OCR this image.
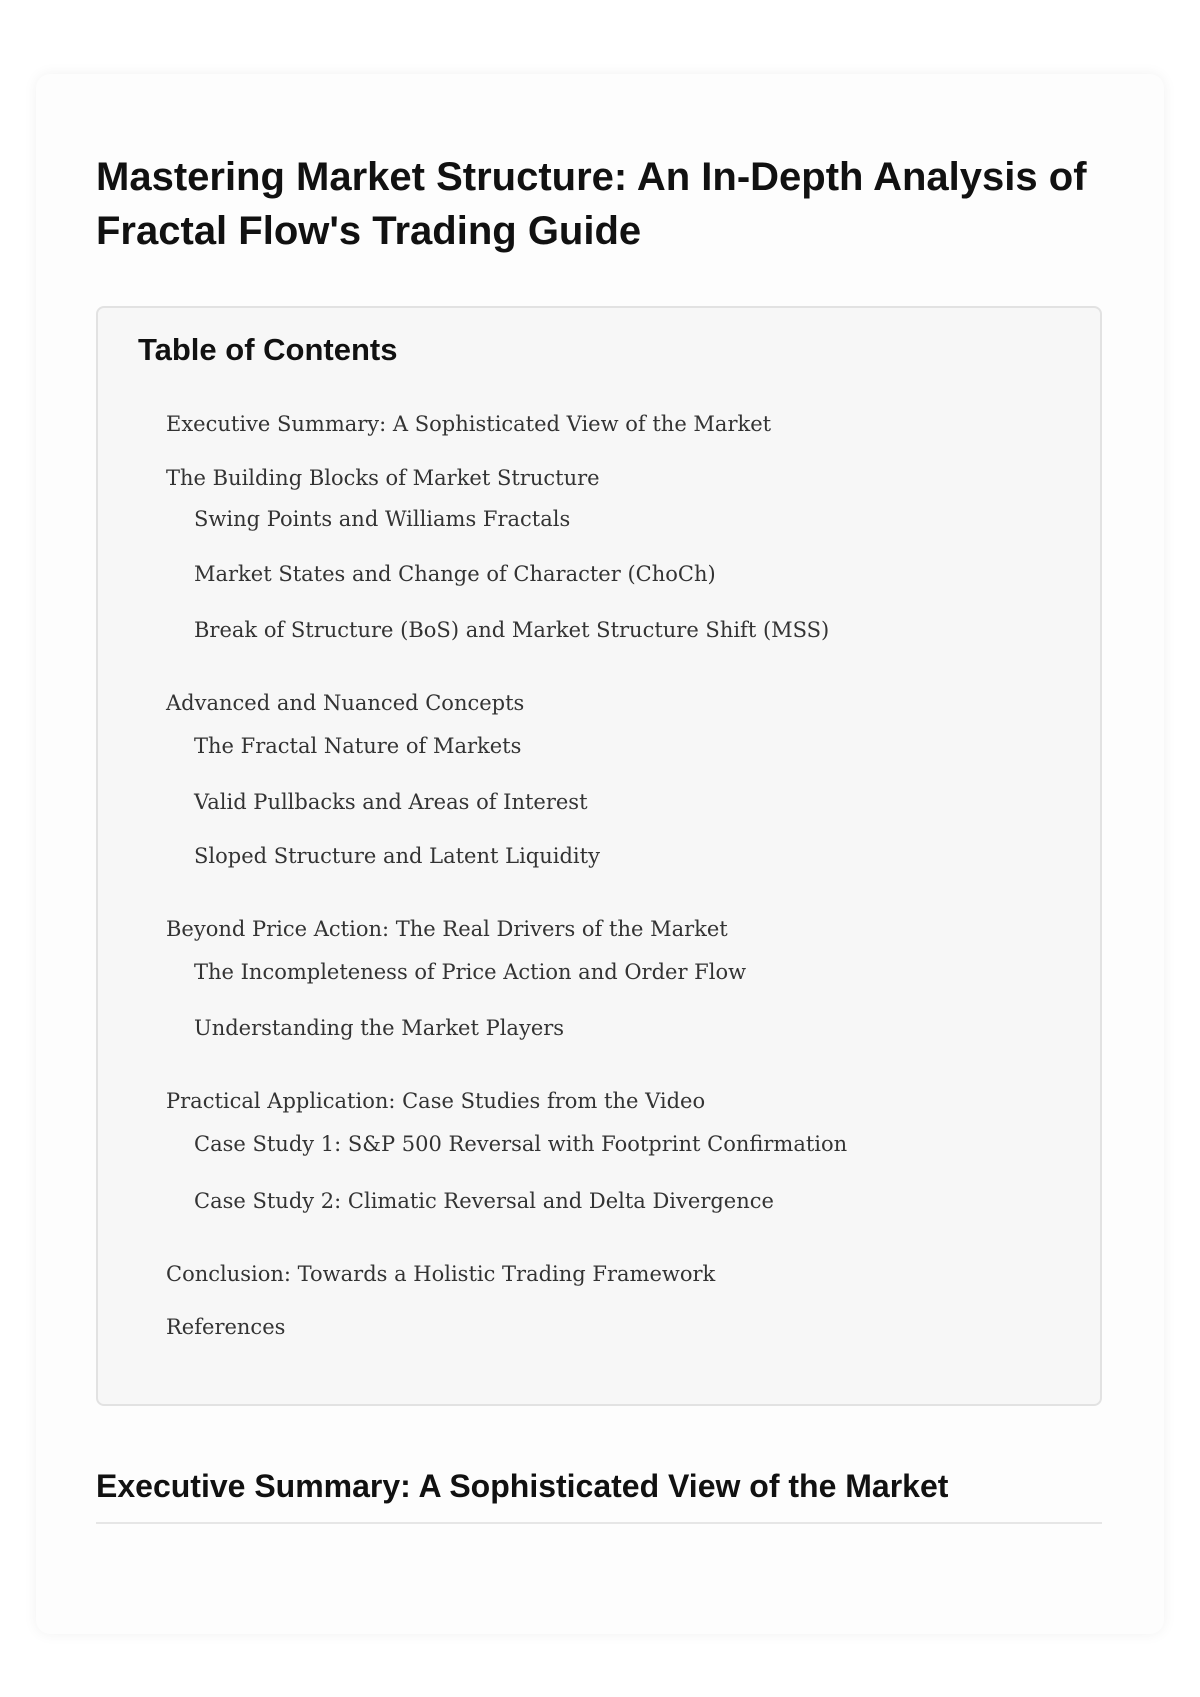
Mastering Market Structure: An In-Depth Analysis of Fractal Flow's Trading Guide
Table of Contents
Executive Summary: A Sophisticated View of the Market
The Building Blocks of Market Structure
Swing Points and Williams Fractals
Market States and Change of Character (ChoCh)
Break of Structure (BoS) and Market Structure Shift (MSS)
Advanced and Nuanced Concepts
The Fractal Nature of Markets
Valid Pullbacks and Areas of Interest
Sloped Structure and Latent Liquidity
Beyond Price Action: The Real Drivers of the Market
The Incompleteness of Price Action and Order Flow
Understanding the Market Players
Practical Application: Case Studies from the Video
Case Study 1: S&P 500 Reversal with Footprint Confirmation
Case Study 2: Climatic Reversal and Delta Divergence
Conclusion: Towards a Holistic Trading Framework
References
Executive Summary: A Sophisticated View of the Market
